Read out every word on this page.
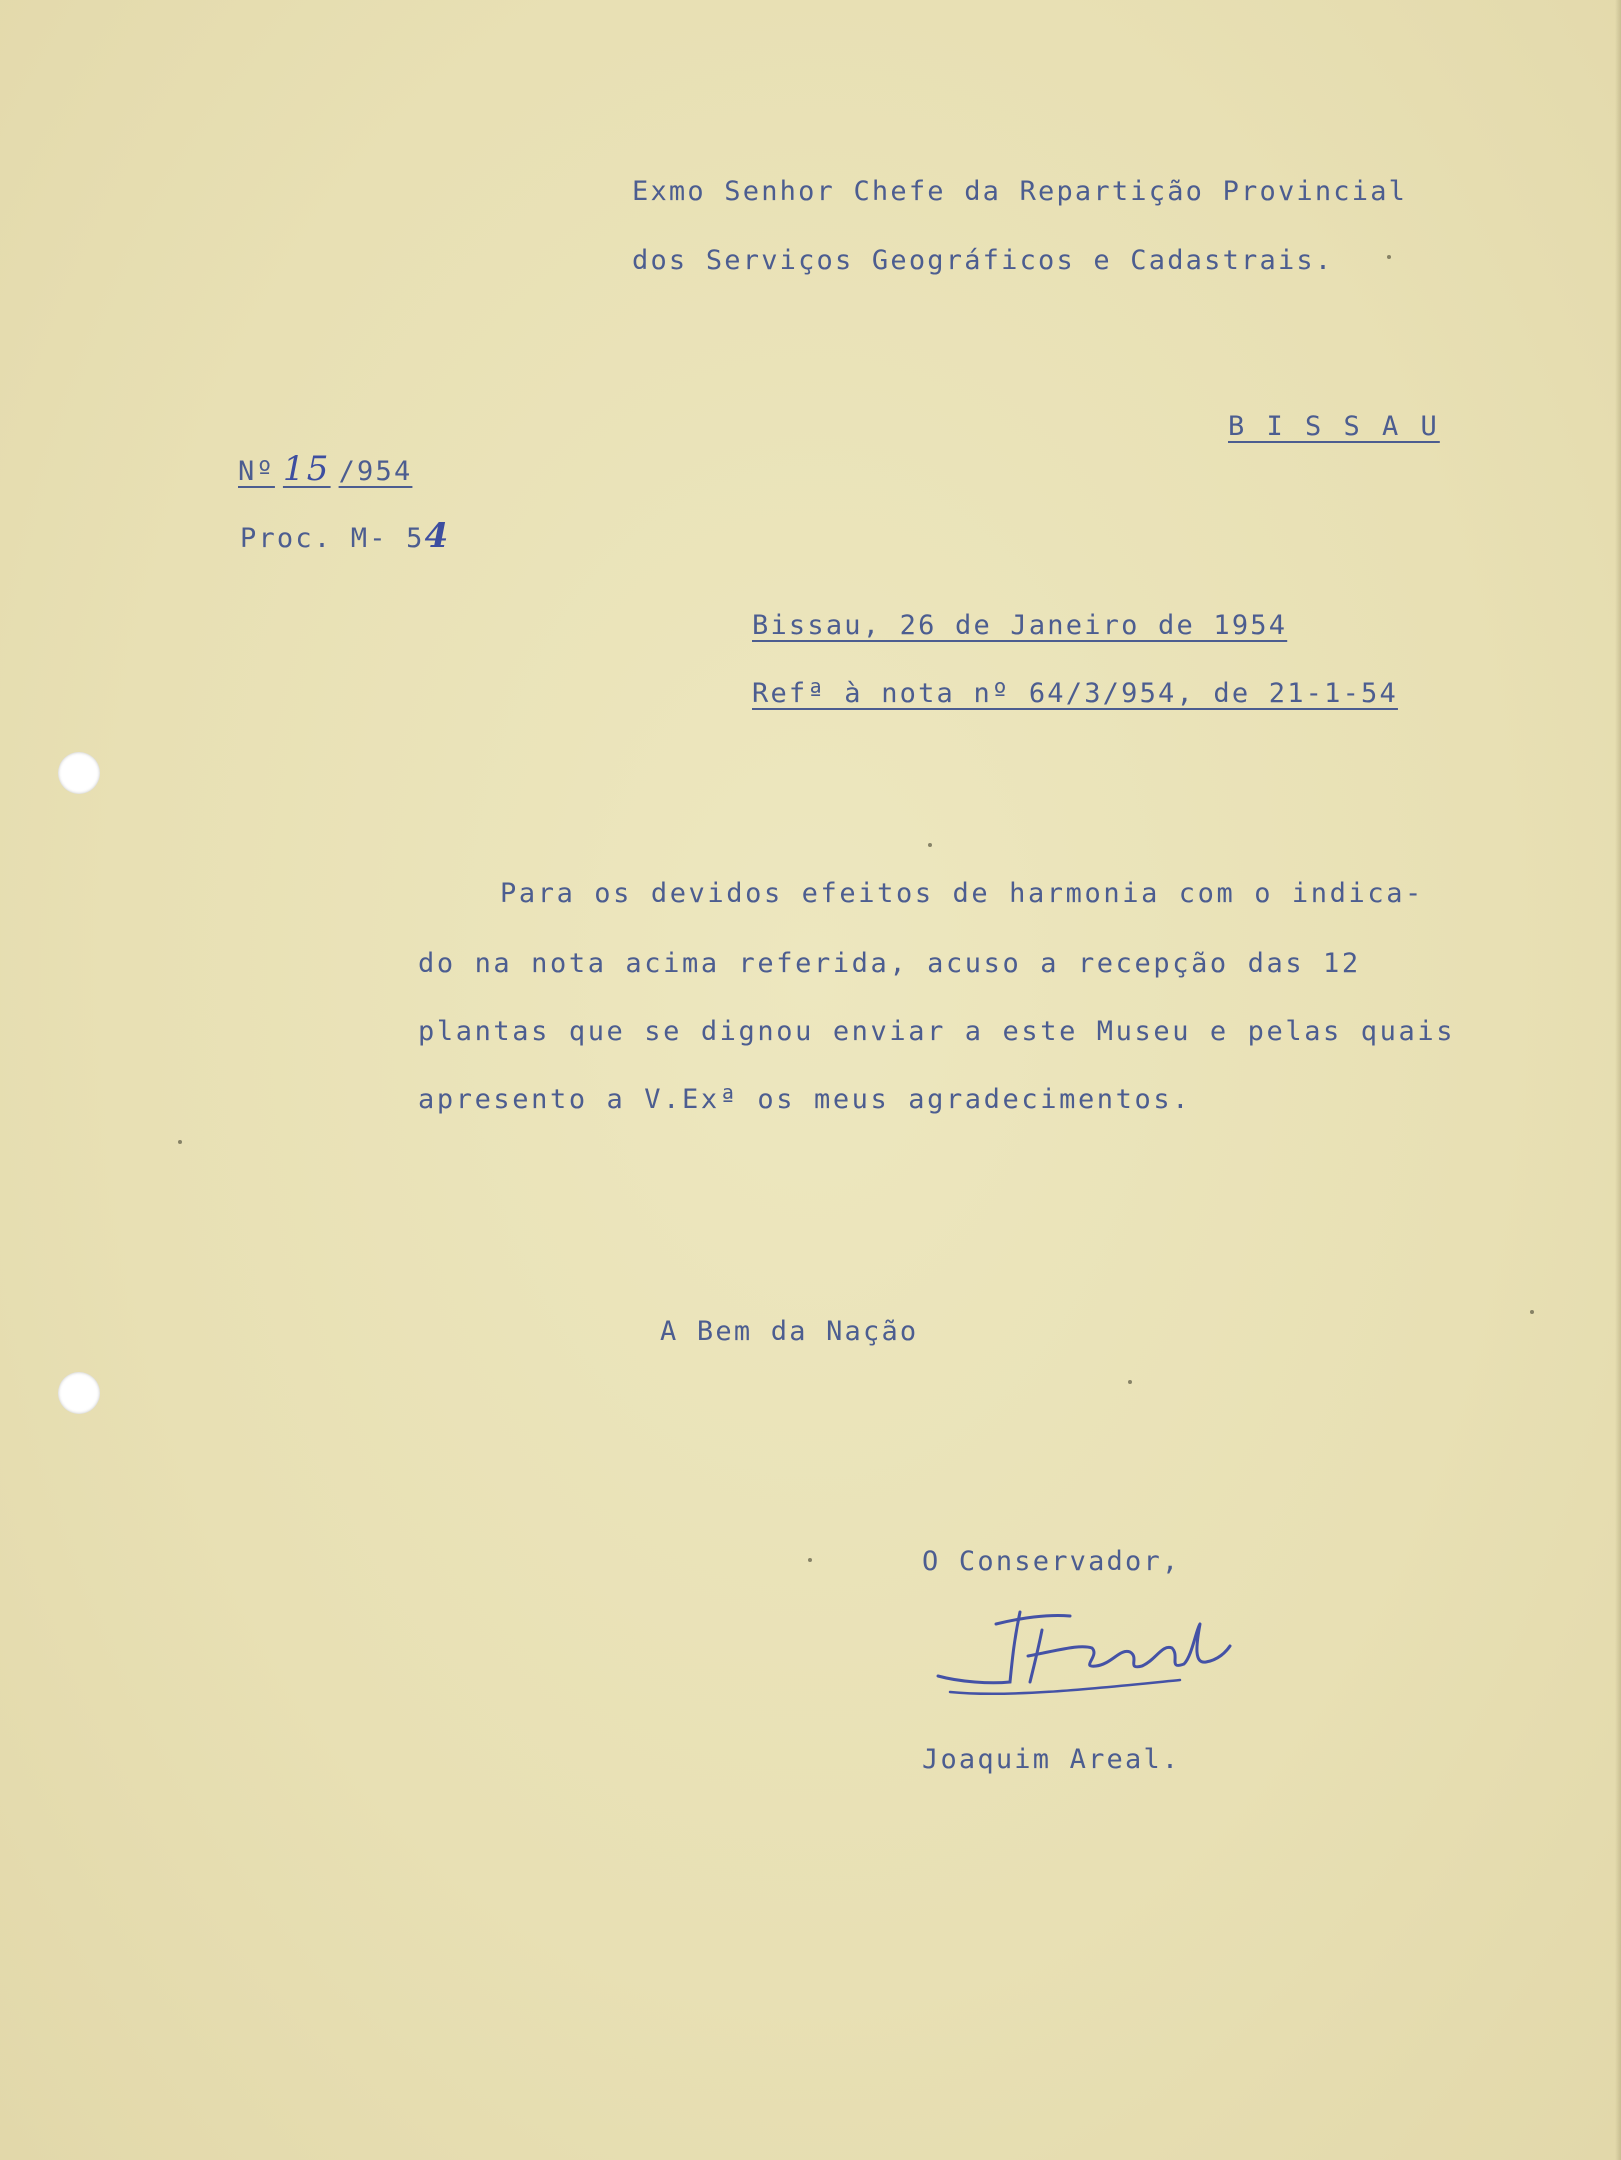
Exmo Senhor Chefe da Repartição Provincial
dos Serviços Geográficos e Cadastrais.
B I S S A U
Nº 15 /954
Proc. M- 54
Bissau, 26 de Janeiro de 1954
Refª à nota nº 64/3/954, de 21-1-54
Para os devidos efeitos de harmonia com o indica-
do na nota acima referida, acuso a recepção das 12
plantas que se dignou enviar a este Museu e pelas quais
apresento a V.Exª os meus agradecimentos.
A Bem da Nação
O Conservador,
Joaquim Areal.
